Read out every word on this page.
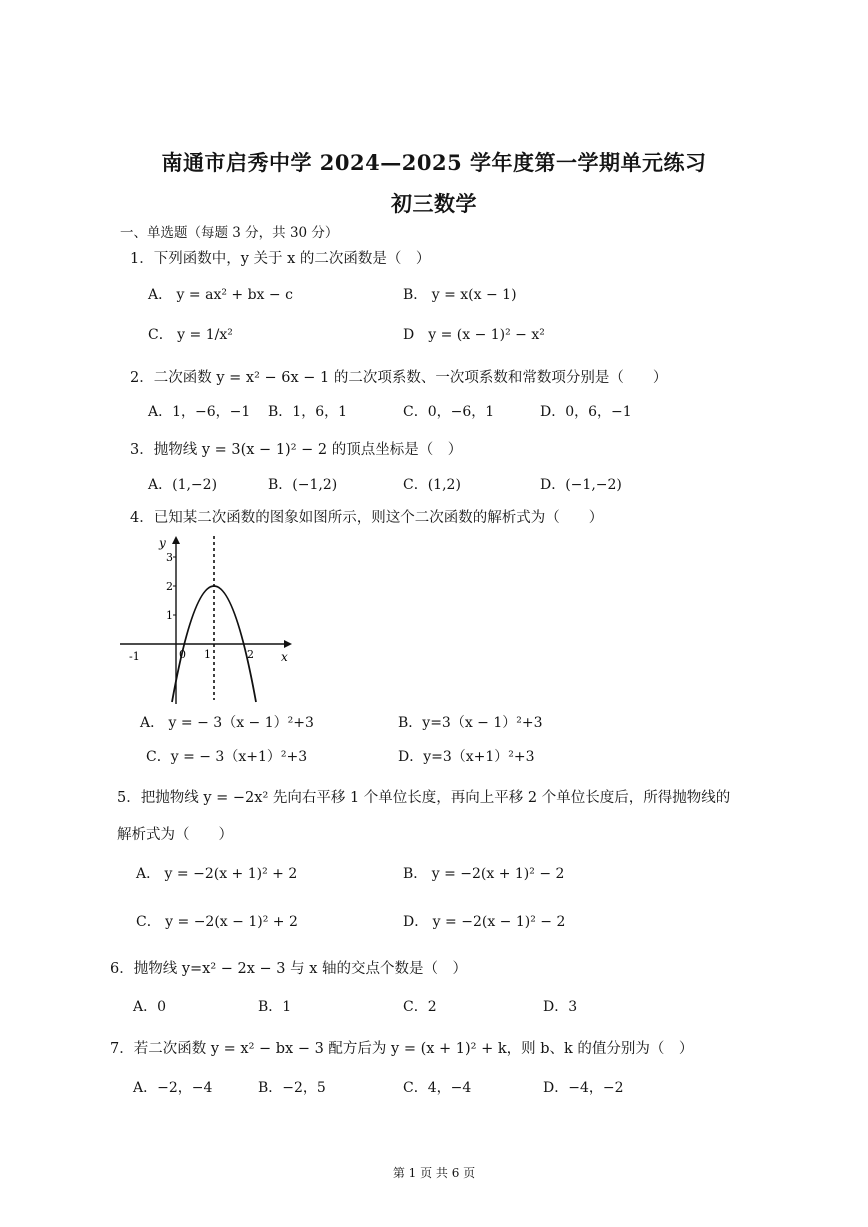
南通市启秀中学 2024—2025 学年度第一学期单元练习
初三数学
一、单选题（每题 3 分，共 30 分）
1．下列函数中，y 关于 x 的二次函数是（　）
A． y = ax² + bx − c	B． y = x(x − 1)
C． y = 1/x²	D　y = (x − 1)² − x²
2．二次函数 y = x² − 6x − 1 的二次项系数、一次项系数和常数项分别是（　　）
A．1，−6，−1 B．1，6，1	C．0，−6，1	D．0，6，−1
3．抛物线 y = 3(x − 1)² − 2 的顶点坐标是（　）
A．(1,−2)	B．(−1,2)	C．(1,2)	D．(−1,−2)
4．已知某二次函数的图象如图所示，则这个二次函数的解析式为（　　）
y
x
3
2
1
-1	0 1	2
A． y = − 3（x − 1）²+3	B．y=3（x − 1）²+3
C．y = − 3（x+1）²+3	D．y=3（x+1）²+3
5．把抛物线 y = −2x² 先向右平移 1 个单位长度，再向上平移 2 个单位长度后，所得抛物线的
解析式为（　　）
A． y = −2(x + 1)² + 2	B． y = −2(x + 1)² − 2
C． y = −2(x − 1)² + 2	D． y = −2(x − 1)² − 2
6．抛物线 y=x² − 2x − 3 与 x 轴的交点个数是（　）
A．0	B．1	C．2	D．3
7．若二次函数 y = x² − bx − 3 配方后为 y = (x + 1)² + k，则 b、k 的值分别为（　）
A．−2，−4	B．−2，5	C．4，−4	D．−4，−2
第 1 页 共 6 页
